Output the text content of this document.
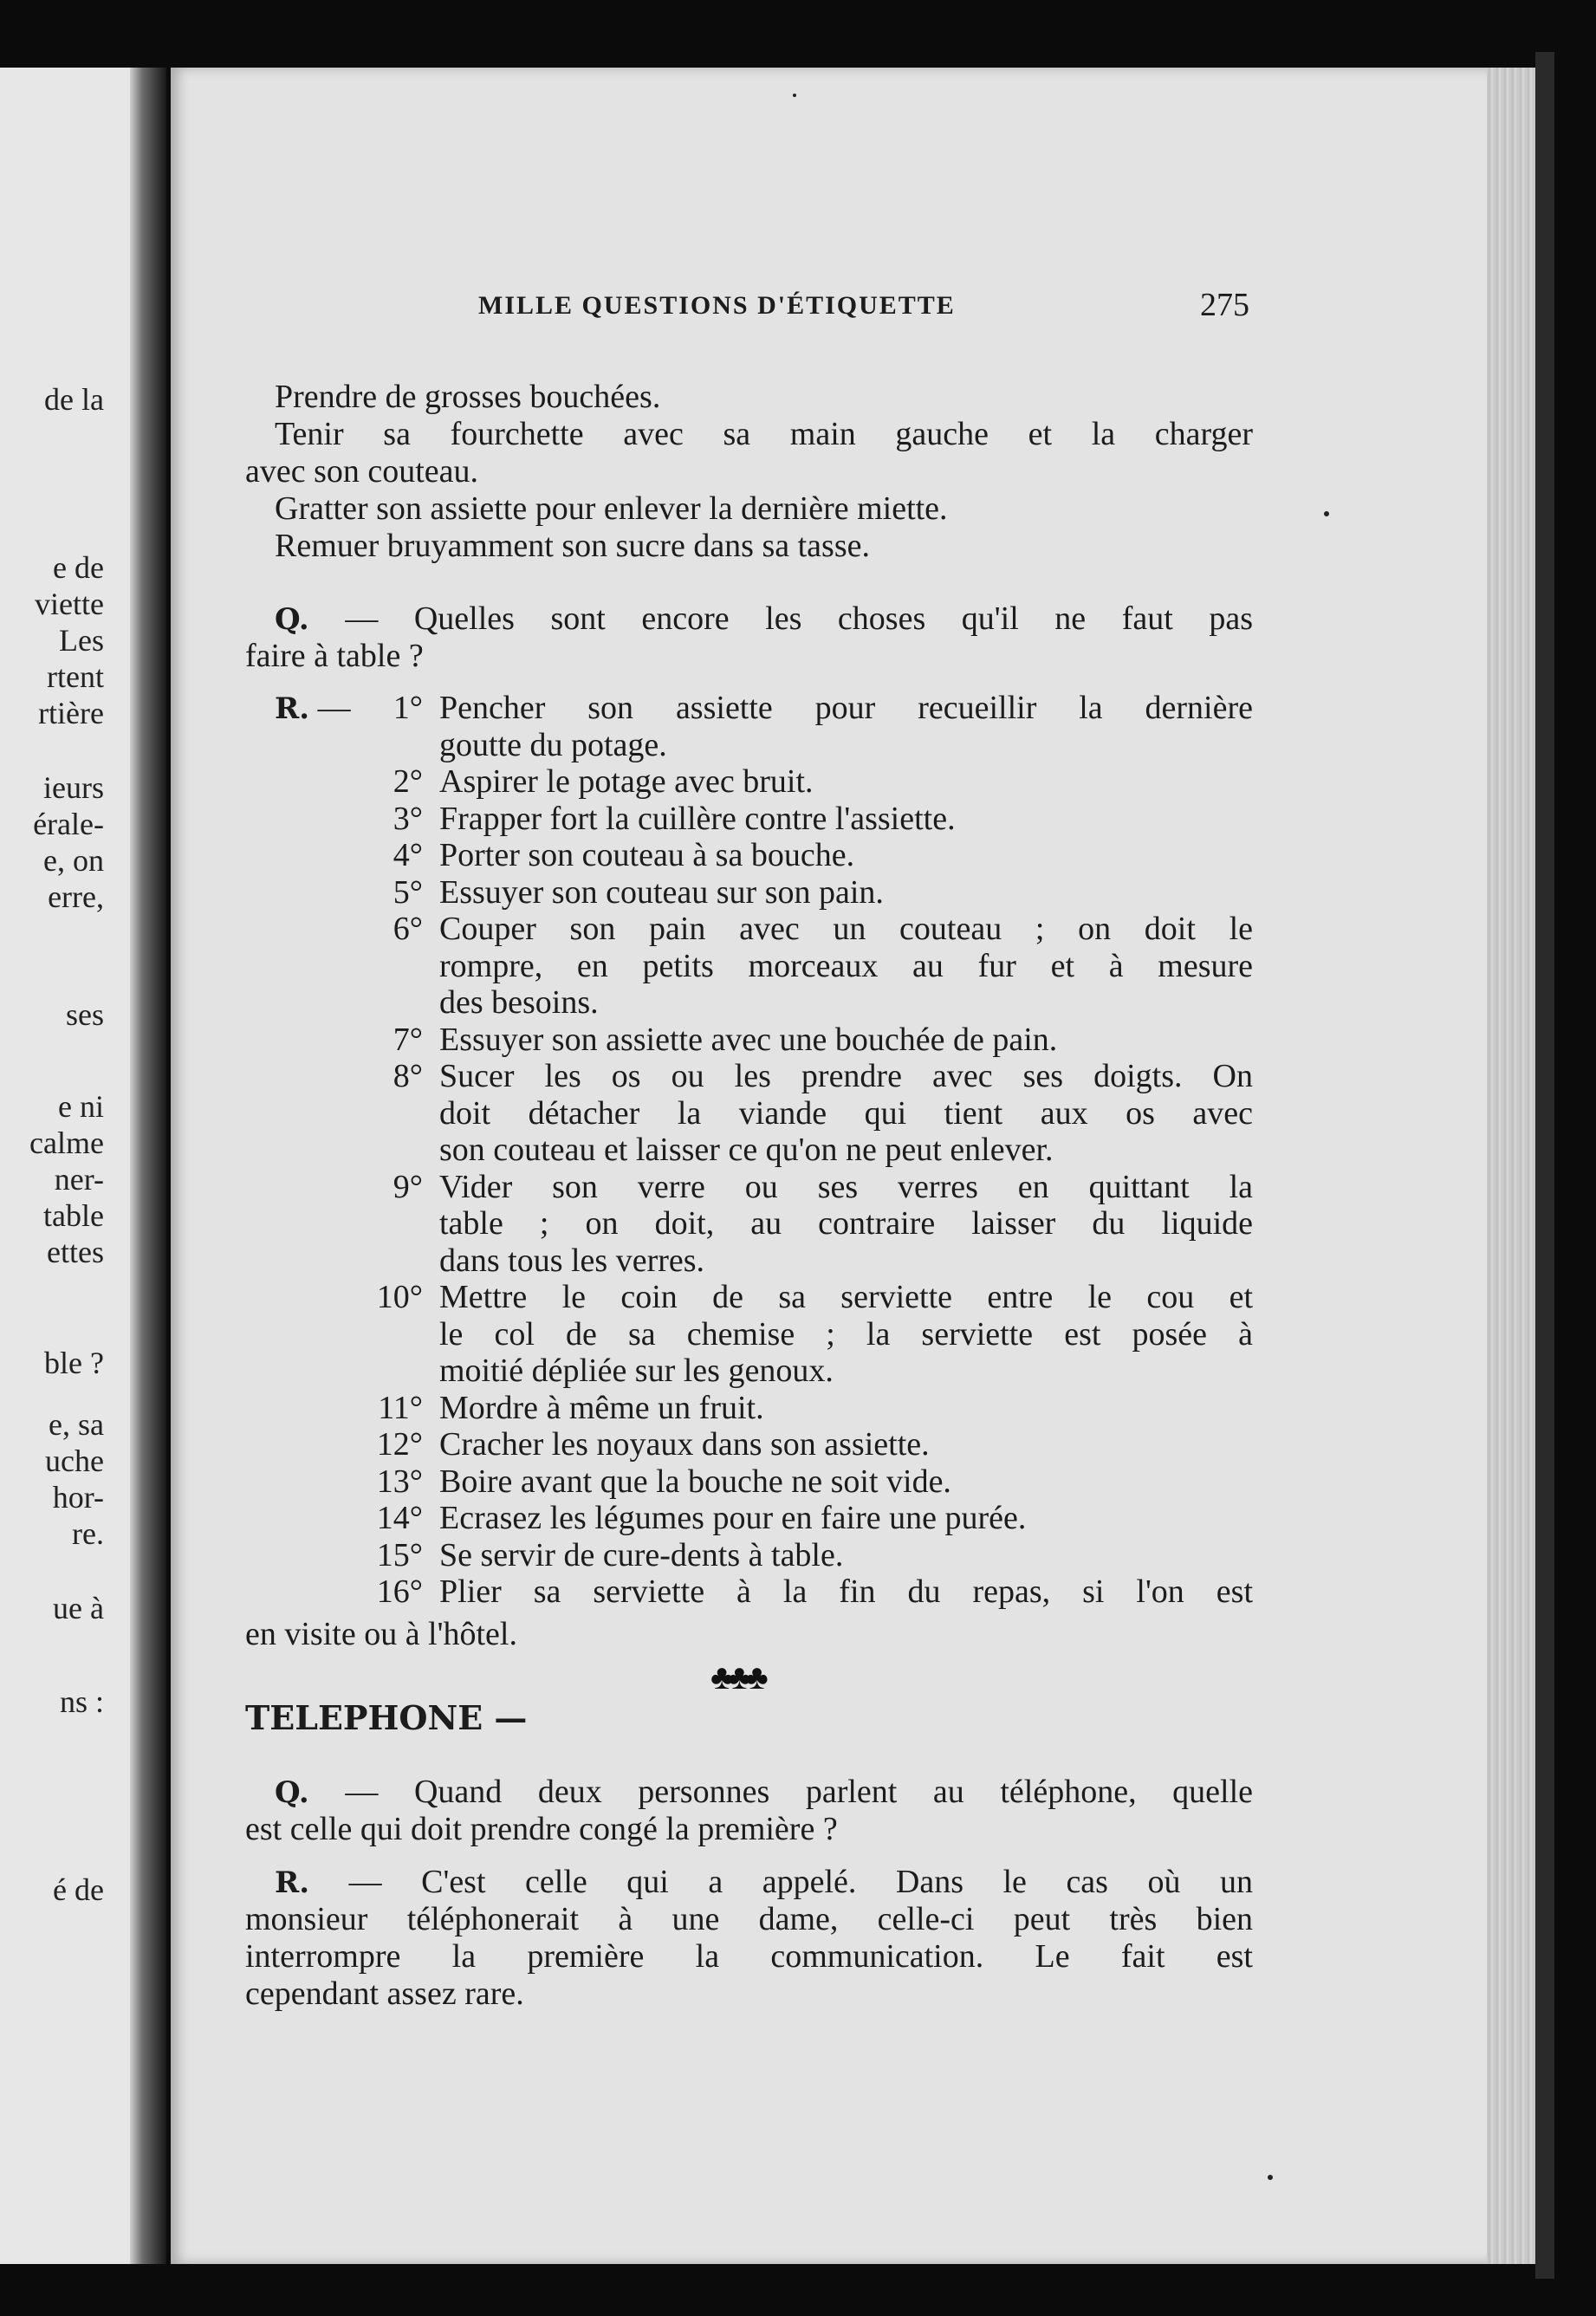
de la
e de
viette
Les
rtent
rtière
ieurs
érale-
e, on
erre,
ses
e ni
calme
ner-
table
ettes
ble ?
e, sa
uche
hor-
re.
ue à
ns :
é de
MILLE QUESTIONS D'ÉTIQUETTE	275
Prendre de grosses bouchées.
Tenir sa fourchette avec sa main gauche et la charger
avec son couteau.
Gratter son assiette pour enlever la dernière miette.
Remuer bruyamment son sucre dans sa tasse.
Q. — Quelles sont encore les choses qu'il ne faut pas
faire à table ?
R. —	1° Pencher son assiette pour recueillir la dernière
goutte du potage.
2° Aspirer le potage avec bruit.
3° Frapper fort la cuillère contre l'assiette.
4° Porter son couteau à sa bouche.
5° Essuyer son couteau sur son pain.
6° Couper son pain avec un couteau ; on doit le
rompre, en petits morceaux au fur et à mesure
des besoins.
7° Essuyer son assiette avec une bouchée de pain.
8° Sucer les os ou les prendre avec ses doigts. On
doit détacher la viande qui tient aux os avec
son couteau et laisser ce qu'on ne peut enlever.
9° Vider son verre ou ses verres en quittant la
table ; on doit, au contraire laisser du liquide
dans tous les verres.
10° Mettre le coin de sa serviette entre le cou et
le col de sa chemise ; la serviette est posée à
moitié dépliée sur les genoux.
11° Mordre à même un fruit.
12° Cracher les noyaux dans son assiette.
13° Boire avant que la bouche ne soit vide.
14° Ecrasez les légumes pour en faire une purée.
15° Se servir de cure-dents à table.
16° Plier sa serviette à la fin du repas, si l'on est
en visite ou à l'hôtel.
♣♣♣
TELEPHONE —
Q. — Quand deux personnes parlent au téléphone, quelle
est celle qui doit prendre congé la première ?
R. — C'est celle qui a appelé. Dans le cas où un
monsieur téléphonerait à une dame, celle-ci peut très bien
interrompre la première la communication. Le fait est
cependant assez rare.
